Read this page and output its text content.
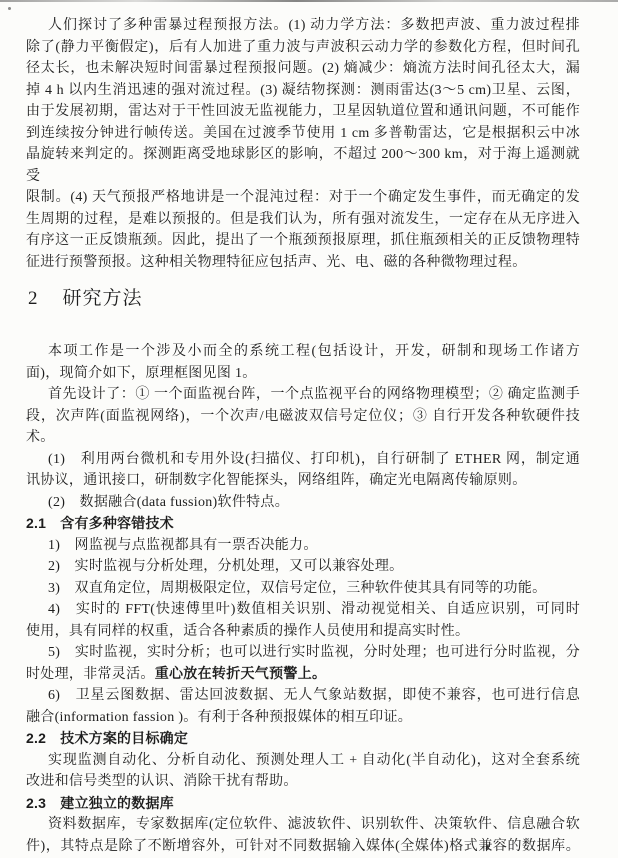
人们探讨了多种雷暴过程预报方法。(1) 动力学方法：多数把声波、重力波过程排
除了(静力平衡假定)，后有人加进了重力波与声波积云动力学的参数化方程，但时间孔
径太长，也未解决短时间雷暴过程预报问题。(2) 熵减少：熵流方法时间孔径太大，漏
掉 4 h 以内生消迅速的强对流过程。(3) 凝结物探测：测雨雷达(3～5 cm)卫星、云图，
由于发展初期，雷达对于干性回波无监视能力，卫星因轨道位置和通讯问题，不可能作
到连续按分钟进行帧传送。美国在过渡季节使用 1 cm 多普勒雷达，它是根据积云中冰
晶旋转来判定的。探测距离受地球影区的影响，不超过 200～300 km，对于海上遥测就受
限制。(4) 天气预报严格地讲是一个混沌过程：对于一个确定发生事件，而无确定的发
生周期的过程，是难以预报的。但是我们认为，所有强对流发生，一定存在从无序进入
有序这一正反馈瓶颈。因此，提出了一个瓶颈预报原理，抓住瓶颈相关的正反馈物理特
征进行预警预报。这种相关物理特征应包括声、光、电、磁的各种微物理过程。
2 研究方法
本项工作是一个涉及小而全的系统工程(包括设计，开发，研制和现场工作诸方
面)，现简介如下，原理框图见图 1。
首先设计了：① 一个面监视台阵，一个点监视平台的网络物理模型；② 确定监测手
段，次声阵(面监视网络)，一个次声/电磁波双信号定位仪；③ 自行开发各种软硬件技
术。
(1)　利用两台微机和专用外设(扫描仪、打印机)，自行研制了 ETHER 网，制定通
讯协议，通讯接口，研制数字化智能探头，网络组阵，确定光电隔离传输原则。
(2)　数据融合(data fussion)软件特点。
2.1　含有多种容错技术
1)　网监视与点监视都具有一票否决能力。
2)　实时监视与分析处理，分机处理，又可以兼容处理。
3)　双直角定位，周期极限定位，双信号定位，三种软件使其具有同等的功能。
4)　实时的 FFT(快速傅里叶)数值相关识别、滑动视觉相关、自适应识别，可同时
使用，具有同样的权重，适合各种素质的操作人员使用和提高实时性。
5)　实时监视，实时分析；也可以进行实时监视，分时处理；也可进行分时监视，分
时处理，非常灵活。重心放在转折天气预警上。
6)　卫星云图数据、雷达回波数据、无人气象站数据，即使不兼容，也可进行信息
融合(information fassion )。有利于各种预报媒体的相互印证。
2.2　技术方案的目标确定
实现监测自动化、分析自动化、预测处理人工 + 自动化(半自动化)，这对全套系统
改进和信号类型的认识、消除干扰有帮助。
2.3　建立独立的数据库
资料数据库，专家数据库(定位软件、滤波软件、识别软件、决策软件、信息融合软
件)，其特点是除了不断增容外，可针对不同数据输入媒体(全媒体)格式兼容的数据库。
